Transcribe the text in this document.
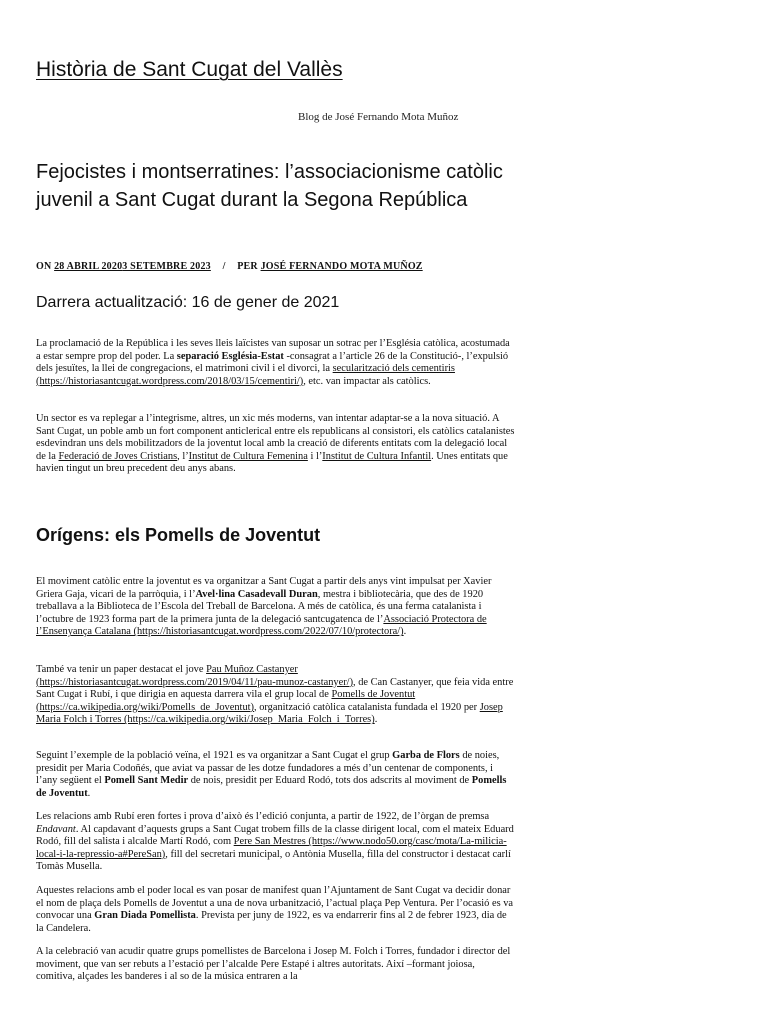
Història de Sant Cugat del Vallès
Blog de José Fernando Mota Muñoz
Fejocistes i montserratines: l’associacionisme catòlic juvenil a Sant Cugat durant la Segona República
ON 28 ABRIL 20203 SETEMBRE 2023 / PER JOSÉ FERNANDO MOTA MUÑOZ
Darrera actualització: 16 de gener de 2021

La proclamació de la República i les seves lleis laïcistes van suposar un sotrac per l’Església catòlica, acostumada a estar sempre prop del poder. La separació Església-Estat -consagrat a l’article 26 de la Constitució-, l’expulsió dels jesuïtes, la llei de congregacions, el matrimoni civil i el divorci, la secularització dels cementiris (https://historiasantcugat.wordpress.com/2018/03/15/cementiri/), etc. van impactar als catòlics.

Un sector es va replegar a l’integrisme, altres, un xic més moderns, van intentar adaptar-se a la nova situació. A Sant Cugat, un poble amb un fort component anticlerical entre els republicans al consistori, els catòlics catalanistes esdevindran uns dels mobilitzadors de la joventut local amb la creació de diferents entitats com la delegació local de la Federació de Joves Cristians, l’Institut de Cultura Femenina i l’Institut de Cultura Infantil. Unes entitats que havien tingut un breu precedent deu anys abans.

Orígens: els Pomells de Joventut

El moviment catòlic entre la joventut es va organitzar a Sant Cugat a partir dels anys vint impulsat per Xavier Griera Gaja, vicari de la parròquia, i l’Avel·lina Casadevall Duran, mestra i bibliotecària, que des de 1920 treballava a la Biblioteca de l’Escola del Treball de Barcelona. A més de catòlica, és una ferma catalanista i l’octubre de 1923 forma part de la primera junta de la delegació santcugatenca de l’Associació Protectora de l’Ensenyança Catalana (https://historiasantcugat.wordpress.com/2022/07/10/protectora/).

També va tenir un paper destacat el jove Pau Muñoz Castanyer (https://historiasantcugat.wordpress.com/2019/04/11/pau-munoz-castanyer/), de Can Castanyer, que feia vida entre Sant Cugat i Rubí, i que dirigia en aquesta darrera vila el grup local de Pomells de Joventut (https://ca.wikipedia.org/wiki/Pomells_de_Joventut), organització catòlica catalanista fundada el 1920 per Josep Maria Folch i Torres (https://ca.wikipedia.org/wiki/Josep_Maria_Folch_i_Torres).

Seguint l’exemple de la població veïna, el 1921 es va organitzar a Sant Cugat el grup Garba de Flors de noies, presidit per Maria Codoñés, que aviat va passar de les dotze fundadores a més d’un centenar de components, i l’any següent el Pomell Sant Medir de nois, presidit per Eduard Rodó, tots dos adscrits al moviment de Pomells de Joventut.

Les relacions amb Rubí eren fortes i prova d’això és l’edició conjunta, a partir de 1922, de l’òrgan de premsa Endavant. Al capdavant d’aquests grups a Sant Cugat trobem fills de la classe dirigent local, com el mateix Eduard Rodó, fill del salista i alcalde Martí Rodó, com Pere San Mestres (https://www.nodo50.org/casc/mota/La-milicia-local-i-la-repressio-a#PereSan), fill del secretari municipal, o Antònia Musella, filla del constructor i destacat carlí Tomàs Musella.

Aquestes relacions amb el poder local es van posar de manifest quan l’Ajuntament de Sant Cugat va decidir donar el nom de plaça dels Pomells de Joventut a una de nova urbanització, l’actual plaça Pep Ventura. Per l’ocasió es va convocar una Gran Diada Pomellista. Prevista per juny de 1922, es va endarrerir fins al 2 de febrer 1923, dia de la Candelera.

A la celebració van acudir quatre grups pomellistes de Barcelona i Josep M. Folch i Torres, fundador i director del moviment, que van ser rebuts a l’estació per l’alcalde Pere Estapé i altres autoritats. Així –formant joiosa, comitiva, alçades les banderes i al so de la música entraren a la
